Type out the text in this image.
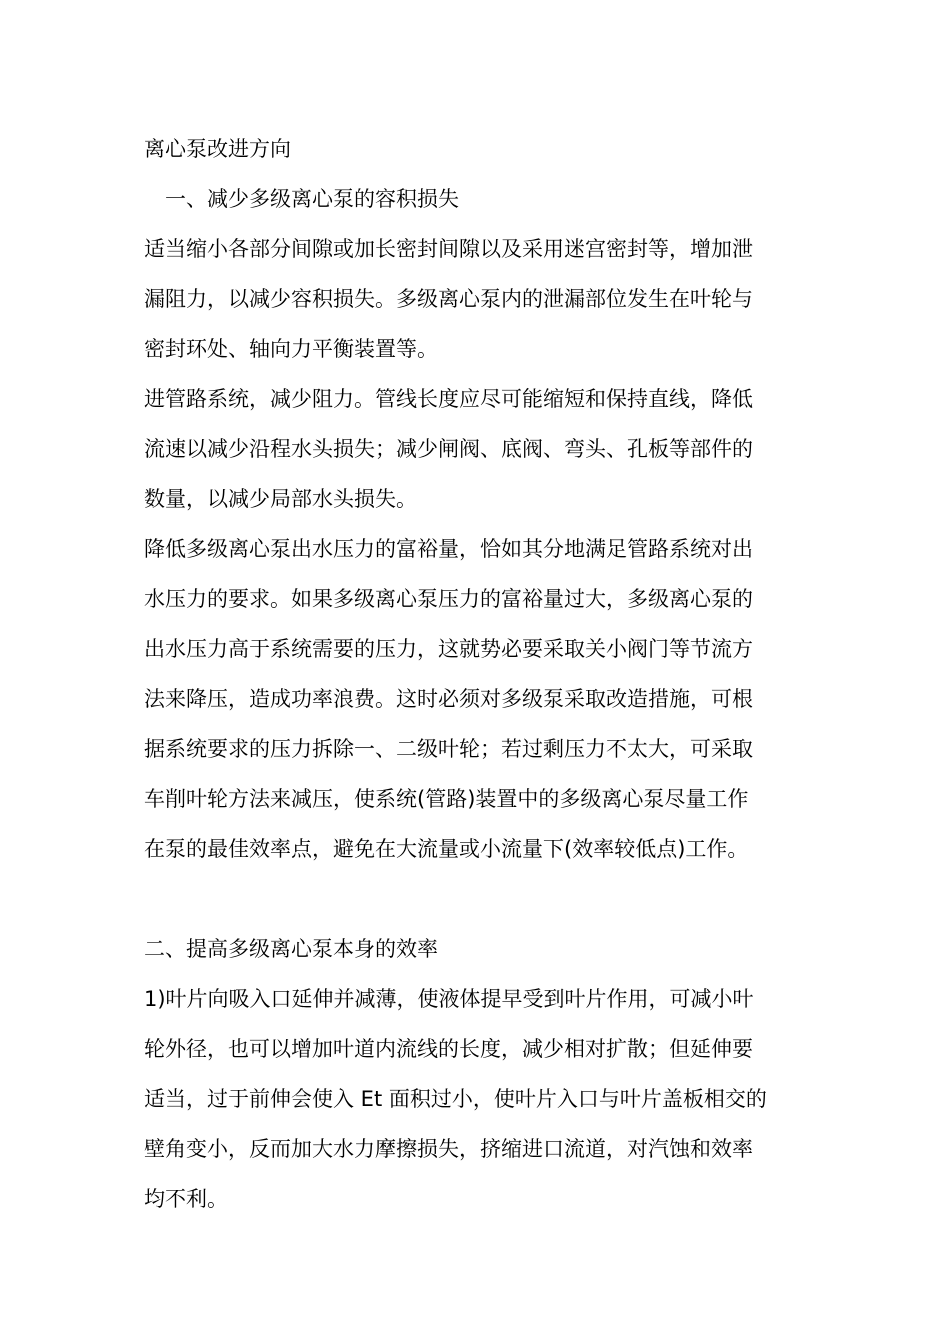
离心泵改进方向
一、减少多级离心泵的容积损失
适当缩小各部分间隙或加长密封间隙以及采用迷宫密封等，增加泄
漏阻力，以减少容积损失。多级离心泵内的泄漏部位发生在叶轮与
密封环处、轴向力平衡装置等。
进管路系统，减少阻力。管线长度应尽可能缩短和保持直线，降低
流速以减少沿程水头损失；减少闸阀、底阀、弯头、孔板等部件的
数量，以减少局部水头损失。
降低多级离心泵出水压力的富裕量，恰如其分地满足管路系统对出
水压力的要求。如果多级离心泵压力的富裕量过大，多级离心泵的
出水压力高于系统需要的压力，这就势必要采取关小阀门等节流方
法来降压，造成功率浪费。这时必须对多级泵采取改造措施，可根
据系统要求的压力拆除一、二级叶轮；若过剩压力不太大，可采取
车削叶轮方法来减压，使系统(管路)装置中的多级离心泵尽量工作
在泵的最佳效率点，避免在大流量或小流量下(效率较低点)工作。
二、提高多级离心泵本身的效率
1)叶片向吸入口延伸并减薄，使液体提早受到叶片作用，可减小叶
轮外径，也可以增加叶道内流线的长度，减少相对扩散；但延伸要
适当，过于前伸会使入 Et 面积过小，使叶片入口与叶片盖板相交的
壁角变小，反而加大水力摩擦损失，挤缩进口流道，对汽蚀和效率
均不利。
